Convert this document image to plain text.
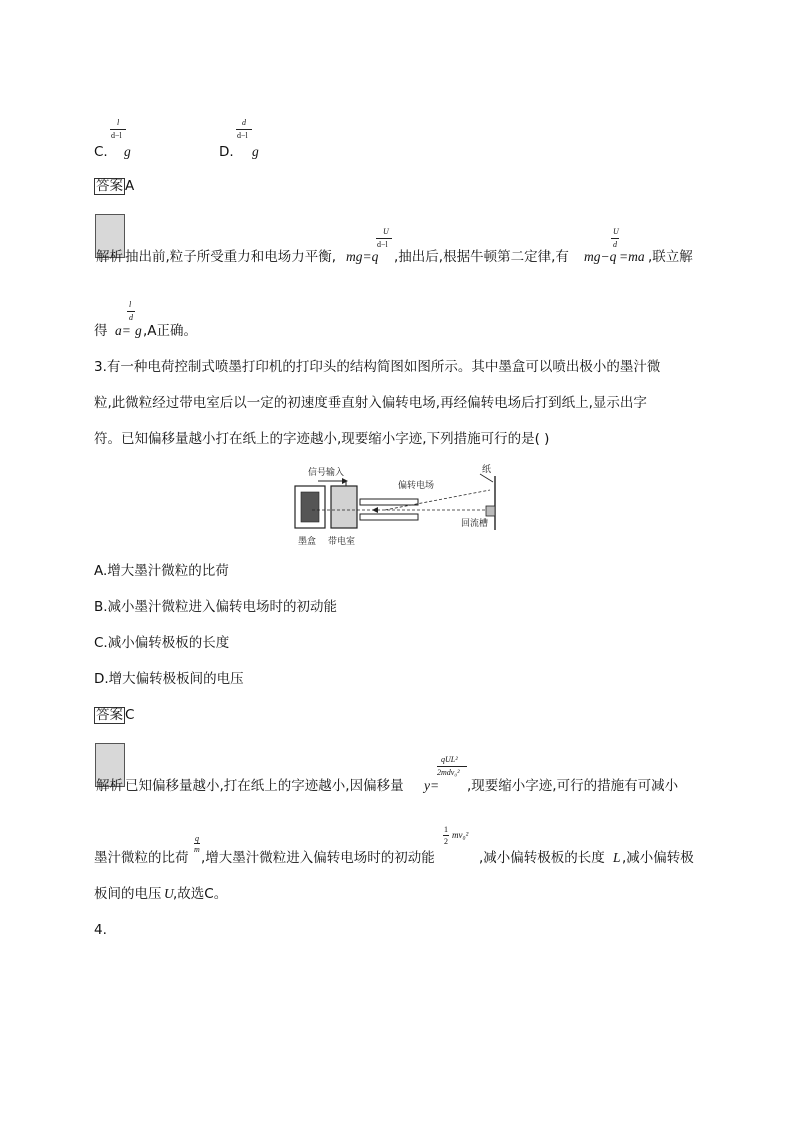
l
d−l
C. g
d
d−l
D. g
答案 A
解析 抽出前,粒子所受重力和电场力平衡, mg=q
U
d−l
,抽出后,根据牛顿第二定律,有 mg−q
U
d
=ma ,联立解
得 a=
l
d
g ,A正确。
3.有一种电荷控制式喷墨打印机的打印头的结构简图如图所示。其中墨盒可以喷出极小的墨汁微
粒,此微粒经过带电室后以一定的初速度垂直射入偏转电场,再经偏转电场后打到纸上,显示出字
符。已知偏移量越小打在纸上的字迹越小,现要缩小字迹,下列措施可行的是( )
信号输入
偏转电场
纸
回流槽
墨盒 带电室
A.增大墨汁微粒的比荷
B.减小墨汁微粒进入偏转电场时的初动能
C.减小偏转极板的长度
D.增大偏转极板间的电压
答案 C
解析 已知偏移量越小,打在纸上的字迹越小,因偏移量 y=
qUL²
2mdv₀²
,现要缩小字迹,可行的措施有可减小
墨汁微粒的比荷
q
m
,增大墨汁微粒进入偏转电场时的初动能
1
2
mv₀²
,减小偏转极板的长度 L ,减小偏转极
板间的电压 U ,故选C。
4.
